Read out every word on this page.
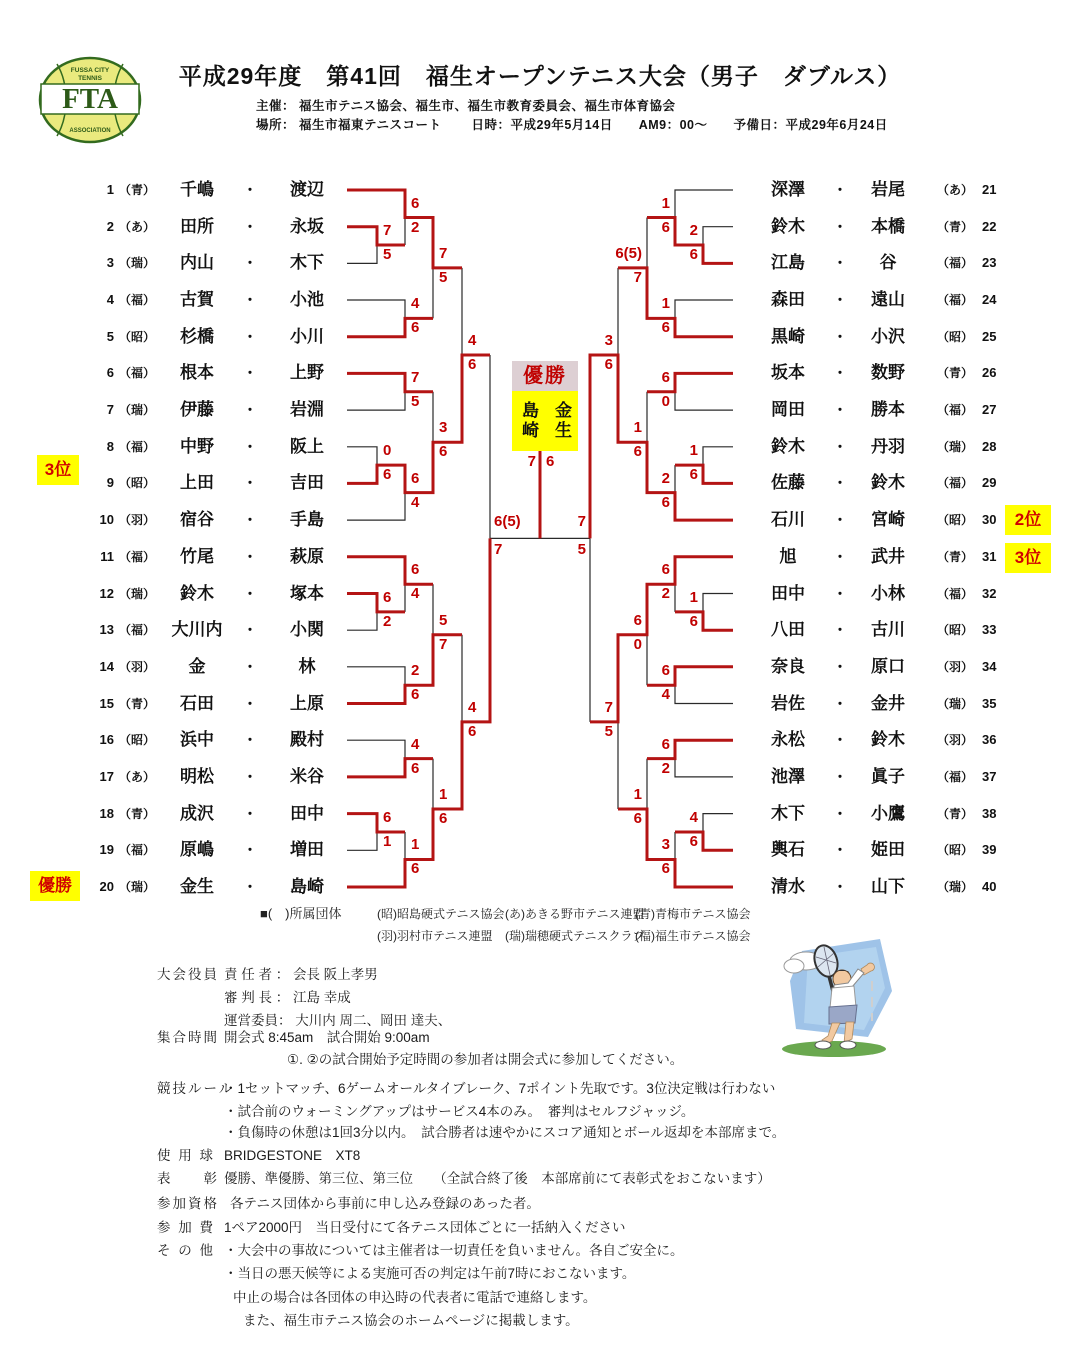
FUSSA CITY
TENNIS
FTA
ASSOCIATION
平成29年度　第41回　福生オープンテニス大会（男子　ダブルス）
主催： 福生市テニス協会、福生市、福生市教育委員会、福生市体育協会
場所： 福生市福東テニスコート　　 日時：平成29年5月14日　　AM9：00～　　予備日：平成29年6月24日
1 （青）	千嶋	・	渡辺
2 （あ）	田所	・	永坂
3 （瑞）	内山	・	木下
4 （福）	古賀	・	小池
5 （昭）	杉橋	・	小川
6 （福）	根本	・	上野
7 （瑞）	伊藤	・	岩淵
8 （福）	中野	・	阪上
9 （昭）	上田	・	吉田
10 （羽）	宿谷	・	手島
11 （福）	竹尾	・	萩原
12 （瑞）	鈴木	・	塚本
13 （福） 大川内	・	小関
14 （羽）	金	・	林
15 （青）	石田	・	上原
16 （昭）	浜中	・	殿村
17 （あ）	明松	・	米谷
18 （青）	成沢	・	田中
19 （福）	原嶋	・	増田
20 （瑞）	金生	・	島崎
深澤	・	岩尾	（あ） 21
鈴木	・	本橋	（青） 22
江島	・	谷	（福） 23
森田	・	遠山	（福） 24
黒崎	・	小沢	（昭） 25
坂本	・	数野	（青） 26
岡田	・	勝本	（福） 27
鈴木	・	丹羽	（瑞） 28
佐藤	・	鈴木	（福） 29
石川	・	宮崎	（昭） 30
旭	・	武井	（青） 31
田中	・	小林	（福） 32
八田	・	古川	（昭） 33
奈良	・	原口	（羽） 34
岩佐	・	金井	（瑞） 35
永松	・	鈴木	（羽） 36
池澤	・	眞子	（福） 37
木下	・	小鷹	（青） 38
輿石	・	姫田	（昭） 39
清水	・	山下	（瑞） 40
7
5
6
2
4
6
7
5
7
5
0
6 6
4
3
6
4
6
6
2
6
4
2
6
5
7
4
6
6
1 1
6
1
6
4
6
6(5)
7
2
6
1
6
1
6
6(5)
7
6
0
1
6
2
6
1
6
3
6
1
6
6
2
6
4
6
0
6
2
4
6
3
6
1
6
7
5
7
5
7 6
優勝
島崎 金生
3位
優勝
2位
3位
■(　)所属団体	(昭)昭島硬式テニス協会 (あ)あきる野市テニス連盟
(青)青梅市テニス協会
(羽)羽村市テニス連盟 (瑞)瑞穂硬式テニスクラブ
(福)福生市テニス協会
大会役員 責 任 者 ： 会長 阪上孝男
審 判 長 ： 江島 幸成
運営委員： 大川内 周二、岡田 達夫、
集合時間 開会式 8:45am　試合開始 9:00am
①. ②の試合開始予定時間の参加者は開会式に参加してください。
競技ルール
・1セットマッチ、6ゲームオールタイブレーク、7ポイント先取です。3位決定戦は行わない
・試合前のウォーミングアップはサービス4本のみ。　審判はセルフジャッジ。
・負傷時の休憩は1回3分以内。　試合勝者は速やかにスコア通知とボール返却を本部席まで。
使 用 球 BRIDGESTONE　XT8
表　　彰 優勝、準優勝、第三位、第三位　　（全試合終了後　本部席前にて表彰式をおこないます）
参加資格 各テニス団体から事前に申し込み登録のあった者。
参 加 費 1ペア2000円　当日受付にて各テニス団体ごとに一括納入ください
そ の 他 ・大会中の事故については主催者は一切責任を負いません。各自ご安全に。
・当日の悪天候等による実施可否の判定は午前7時におこないます。
中止の場合は各団体の申込時の代表者に電話で連絡します。
また、福生市テニス協会のホームページに掲載します。
